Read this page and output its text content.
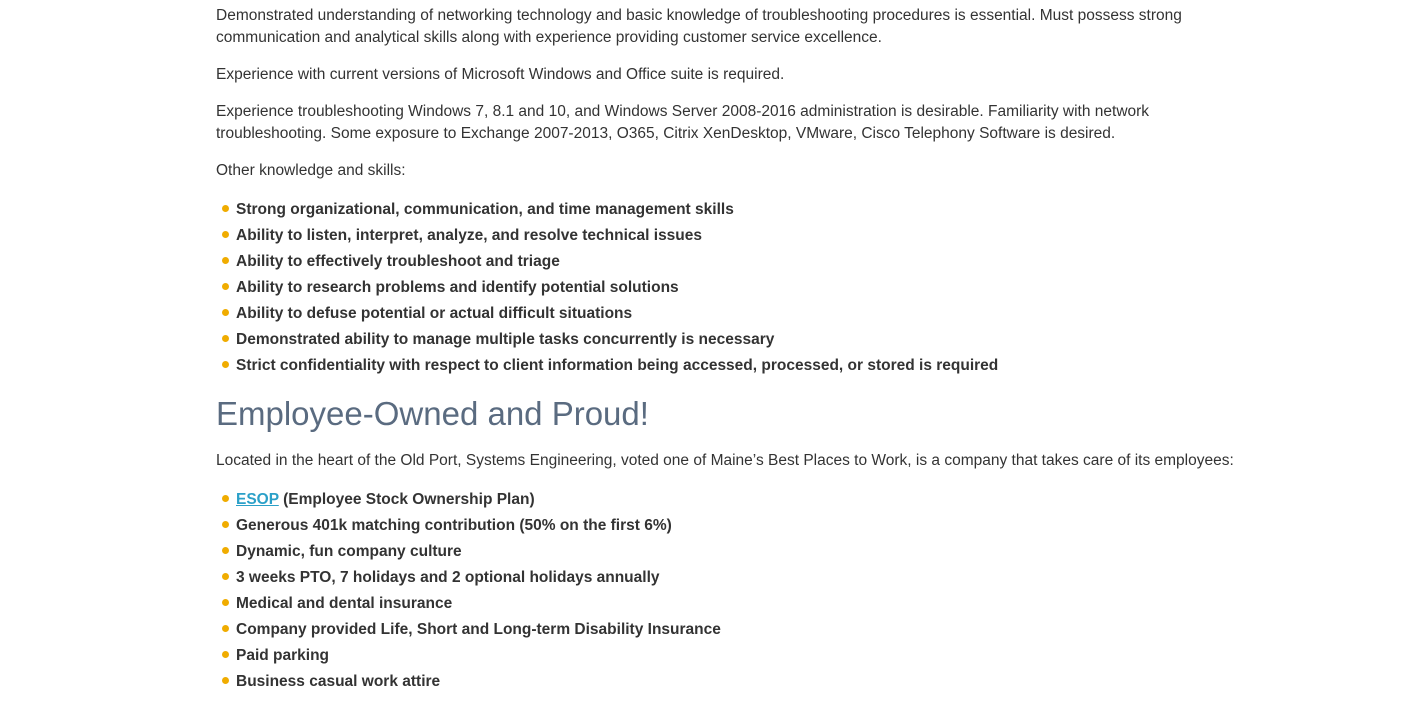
Demonstrated understanding of networking technology and basic knowledge of troubleshooting procedures is essential. Must possess strong communication and analytical skills along with experience providing customer service excellence.

Experience with current versions of Microsoft Windows and Office suite is required.

Experience troubleshooting Windows 7, 8.1 and 10, and Windows Server 2008-2016 administration is desirable. Familiarity with network troubleshooting. Some exposure to Exchange 2007-2013, O365, Citrix XenDesktop, VMware, Cisco Telephony Software is desired.

Other knowledge and skills:

Strong organizational, communication, and time management skills
Ability to listen, interpret, analyze, and resolve technical issues
Ability to effectively troubleshoot and triage
Ability to research problems and identify potential solutions
Ability to defuse potential or actual difficult situations
Demonstrated ability to manage multiple tasks concurrently is necessary
Strict confidentiality with respect to client information being accessed, processed, or stored is required
Employee-Owned and Proud!

Located in the heart of the Old Port, Systems Engineering, voted one of Maine’s Best Places to Work, is a company that takes care of its employees:

ESOP (Employee Stock Ownership Plan)
Generous 401k matching contribution (50% on the first 6%)
Dynamic, fun company culture
3 weeks PTO, 7 holidays and 2 optional holidays annually
Medical and dental insurance
Company provided Life, Short and Long-term Disability Insurance
Paid parking
Business casual work attire
